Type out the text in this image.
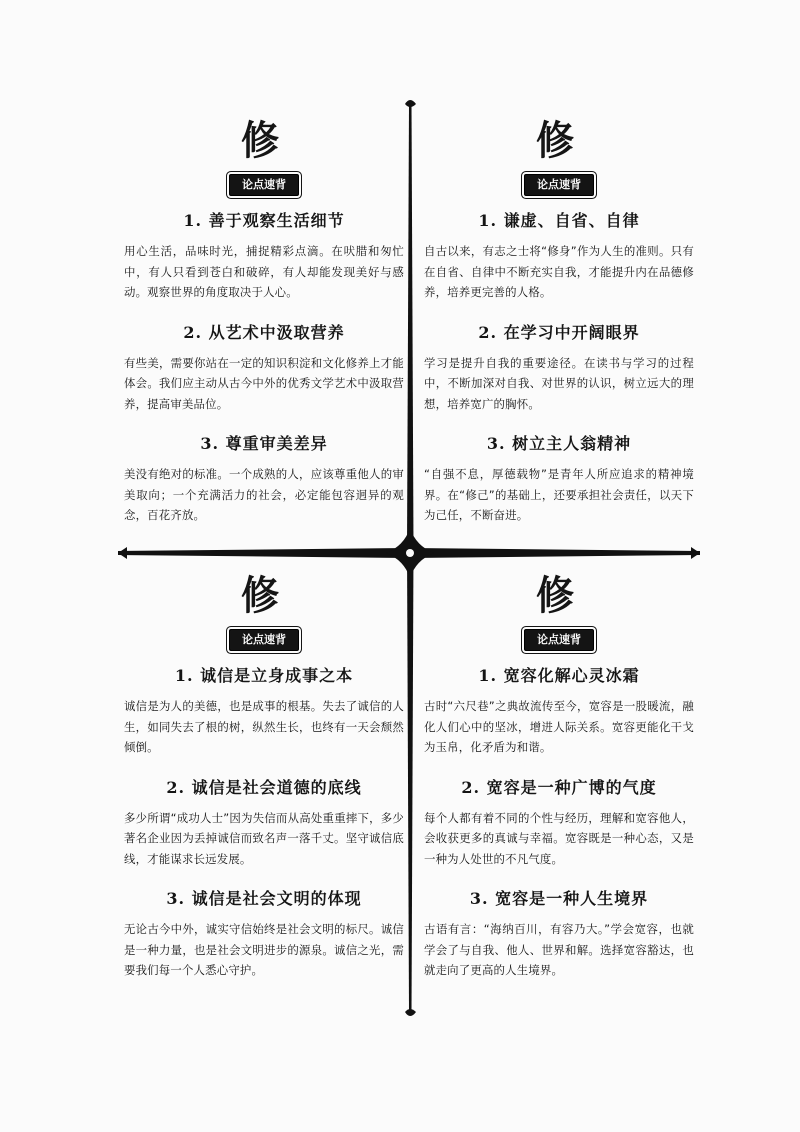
修
论点速背
1. 善于观察生活细节
用心生活，品味时光，捕捉精彩点滴。在吠腊和匆忙中，有人只看到苍白和破碎，有人却能发现美好与感动。观察世界的角度取决于人心。
2. 从艺术中汲取营养
有些美，需要你站在一定的知识积淀和文化修养上才能体会。我们应主动从古今中外的优秀文学艺术中汲取营养，提高审美品位。
3. 尊重审美差异
美没有绝对的标准。一个成熟的人，应该尊重他人的审美取向；一个充满活力的社会，必定能包容迥异的观念，百花齐放。
修
论点速背
1. 谦虚、自省、自律
自古以来，有志之士将“修身”作为人生的准则。只有在自省、自律中不断充实自我，才能提升内在品德修养，培养更完善的人格。
2. 在学习中开阔眼界
学习是提升自我的重要途径。在读书与学习的过程中，不断加深对自我、对世界的认识，树立远大的理想，培养宽广的胸怀。
3. 树立主人翁精神
“自强不息，厚德载物”是青年人所应追求的精神境界。在“修己”的基础上，还要承担社会责任，以天下为己任，不断奋进。
修
论点速背
1. 诚信是立身成事之本
诚信是为人的美德，也是成事的根基。失去了诚信的人生，如同失去了根的树，纵然生长，也终有一天会颓然倾倒。
2. 诚信是社会道德的底线
多少所谓“成功人士”因为失信而从高处重重摔下，多少著名企业因为丢掉诚信而致名声一落千丈。坚守诚信底线，才能谋求长远发展。
3. 诚信是社会文明的体现
无论古今中外，诚实守信始终是社会文明的标尺。诚信是一种力量，也是社会文明进步的源泉。诚信之光，需要我们每一个人悉心守护。
修
论点速背
1. 宽容化解心灵冰霜
古时“六尺巷”之典故流传至今，宽容是一股暖流，融化人们心中的坚冰，增进人际关系。宽容更能化干戈为玉帛，化矛盾为和谐。
2. 宽容是一种广博的气度
每个人都有着不同的个性与经历，理解和宽容他人，会收获更多的真诚与幸福。宽容既是一种心态，又是一种为人处世的不凡气度。
3. 宽容是一种人生境界
古语有言：“海纳百川，有容乃大。”学会宽容，也就学会了与自我、他人、世界和解。选择宽容豁达，也就走向了更高的人生境界。
